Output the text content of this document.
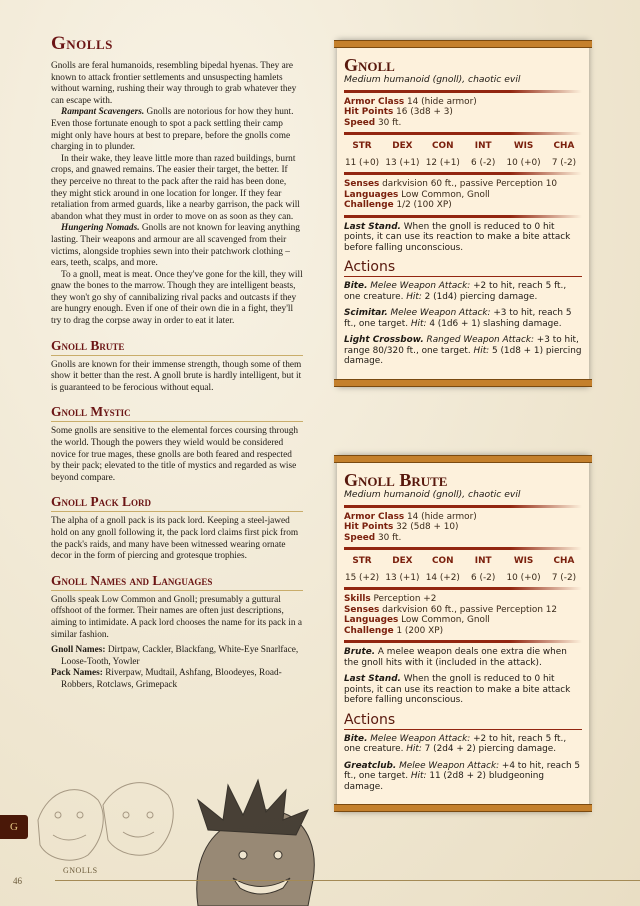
Gnolls

Gnolls are feral humanoids, resembling bipedal hyenas. They are known to attack frontier settlements and unsuspecting hamlets without warning, rushing their way through to grab whatever they can escape with.

Rampant Scavengers. Gnolls are notorious for how they hunt. Even those fortunate enough to spot a pack settling their camp might only have hours at best to prepare, before the gnolls come charging in to plunder.

In their wake, they leave little more than razed buildings, burnt crops, and gnawed remains. The easier their target, the better. If they perceive no threat to the pack after the raid has been done, they might stick around in one location for longer. If they fear retaliation from armed guards, like a nearby garrison, the pack will abandon what they must in order to move on as soon as they can.

Hungering Nomads. Gnolls are not known for leaving anything lasting. Their weapons and armour are all scavenged from their victims, alongside trophies sewn into their patchwork clothing – ears, teeth, scalps, and more.

To a gnoll, meat is meat. Once they've gone for the kill, they will gnaw the bones to the marrow. Though they are intelligent beasts, they won't go shy of cannibalizing rival packs and outcasts if they are hungry enough. Even if one of their own die in a fight, they'll try to drag the corpse away in order to eat it later.

Gnoll Brute

Gnolls are known for their immense strength, though some of them show it better than the rest. A gnoll brute is hardly intelligent, but it is guaranteed to be ferocious without equal.

Gnoll Mystic

Some gnolls are sensitive to the elemental forces coursing through the world. Though the powers they wield would be considered novice for true mages, these gnolls are both feared and respected by their pack; elevated to the title of mystics and regarded as wise beyond compare.

Gnoll Pack Lord

The alpha of a gnoll pack is its pack lord. Keeping a steel-jawed hold on any gnoll following it, the pack lord claims first pick from the pack's raids, and many have been witnessed wearing ornate decor in the form of piercing and grotesque trophies.

Gnoll Names and Languages

Gnolls speak Low Common and Gnoll; presumably a guttural offshoot of the former. Their names are often just descriptions, aiming to intimidate. A pack lord chooses the name for its pack in a similar fashion.

Gnoll Names: Dirtpaw, Cackler, Blackfang, White-Eye Snarlface, Loose-Tooth, Yowler

Pack Names: Riverpaw, Mudtail, Ashfang, Bloodeyes, Road-Robbers, Rotclaws, Grimepack

Gnoll
Medium humanoid (gnoll), chaotic evil
Armor Class 14 (hide armor)
Hit Points 16 (3d8 + 3)
Speed 30 ft.
STR
11 (+0)
DEX
13 (+1)
CON
12 (+1)
INT
6 (-2)
WIS
10 (+0)
CHA
7 (-2)
Senses darkvision 60 ft., passive Perception 10
Languages Low Common, Gnoll
Challenge 1/2 (100 XP)
Last Stand. When the gnoll is reduced to 0 hit points, it can use its reaction to make a bite attack before falling unconscious.
Actions
Bite. Melee Weapon Attack: +2 to hit, reach 5 ft., one creature. Hit: 2 (1d4) piercing damage.
Scimitar. Melee Weapon Attack: +3 to hit, reach 5 ft., one target. Hit: 4 (1d6 + 1) slashing damage.
Light Crossbow. Ranged Weapon Attack: +3 to hit, range 80/320 ft., one target. Hit: 5 (1d8 + 1) piercing damage.
Gnoll Brute
Medium humanoid (gnoll), chaotic evil
Armor Class 14 (hide armor)
Hit Points 32 (5d8 + 10)
Speed 30 ft.
STR
15 (+2)
DEX
13 (+1)
CON
14 (+2)
INT
6 (-2)
WIS
10 (+0)
CHA
7 (-2)
Skills Perception +2
Senses darkvision 60 ft., passive Perception 12
Languages Low Common, Gnoll
Challenge 1 (200 XP)
Brute. A melee weapon deals one extra die when the gnoll hits with it (included in the attack).
Last Stand. When the gnoll is reduced to 0 hit points, it can use its reaction to make a bite attack before falling unconscious.
Actions
Bite. Melee Weapon Attack: +2 to hit, reach 5 ft., one creature. Hit: 7 (2d4 + 2) piercing damage.
Greatclub. Melee Weapon Attack: +4 to hit, reach 5 ft., one target. Hit: 11 (2d8 + 2) bludgeoning damage.
G
GNOLLS
46
